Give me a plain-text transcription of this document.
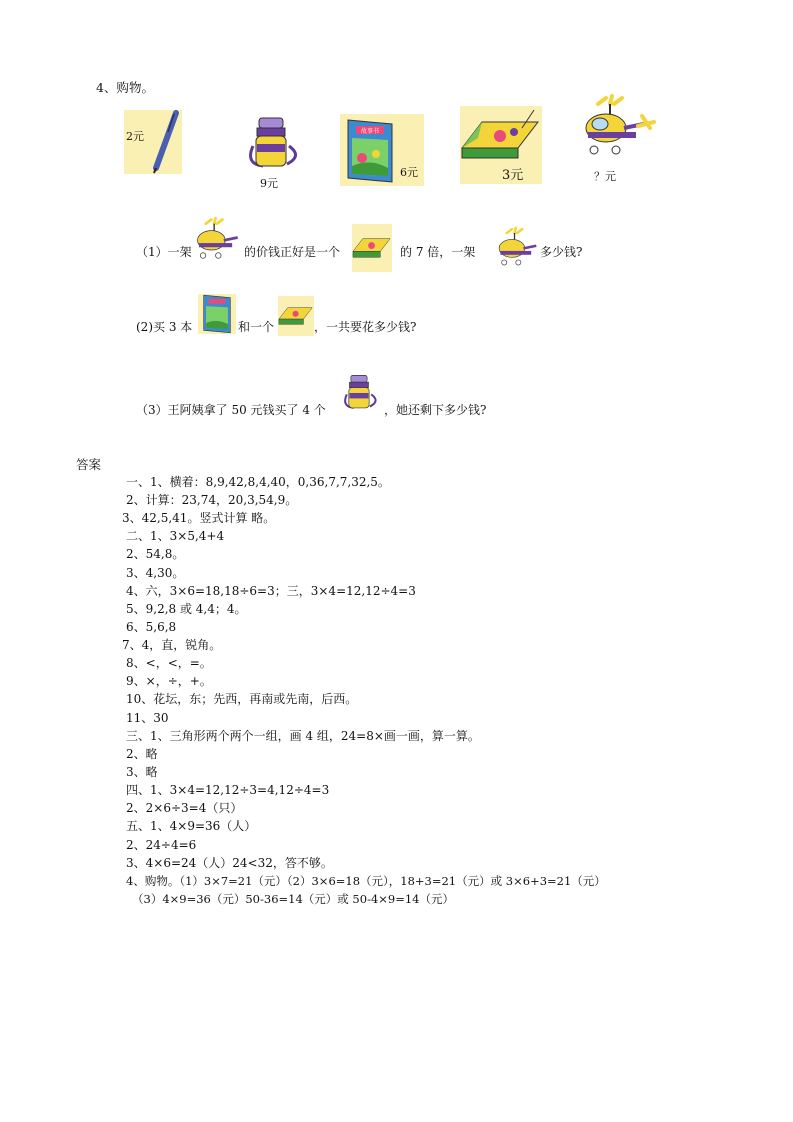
4、购物。
2元
9元
故事书
6元	3元	？元
（1）一架	的价钱正好是一个	的 7 倍，一架	多少钱?
(2)买 3 本	和一个	，一共要花多少钱?
（3）王阿姨拿了 50 元钱买了 4 个	，她还剩下多少钱?
答案
一、1、横着：8,9,42,8,4,40，0,36,7,7,32,5。
2、计算：23,74，20,3,54,9。
3、42,5,41。竖式计算 略。
二、1、3×5,4+4
2、54,8。
3、4,30。
4、六，3×6=18,18÷6=3；三，3×4=12,12÷4=3
5、9,2,8 或 4,4；4。
6、5,6,8
7、4，直，锐角。
8、<，<，=。
9、×，÷，+。
10、花坛，东；先西，再南或先南，后西。
11、30
三、1、三角形两个两个一组，画 4 组，24=8×画一画，算一算。
2、略
3、略
四、1、3×4=12,12÷3=4,12÷4=3
2、2×6÷3=4（只）
五、1、4×9=36（人）
2、24÷4=6
3、4×6=24（人）24<32，答不够。
4、购物。（1）3×7=21（元）（2）3×6=18（元），18+3=21（元）或 3×6+3=21（元）
（3）4×9=36（元）50-36=14（元）或 50-4×9=14（元）
